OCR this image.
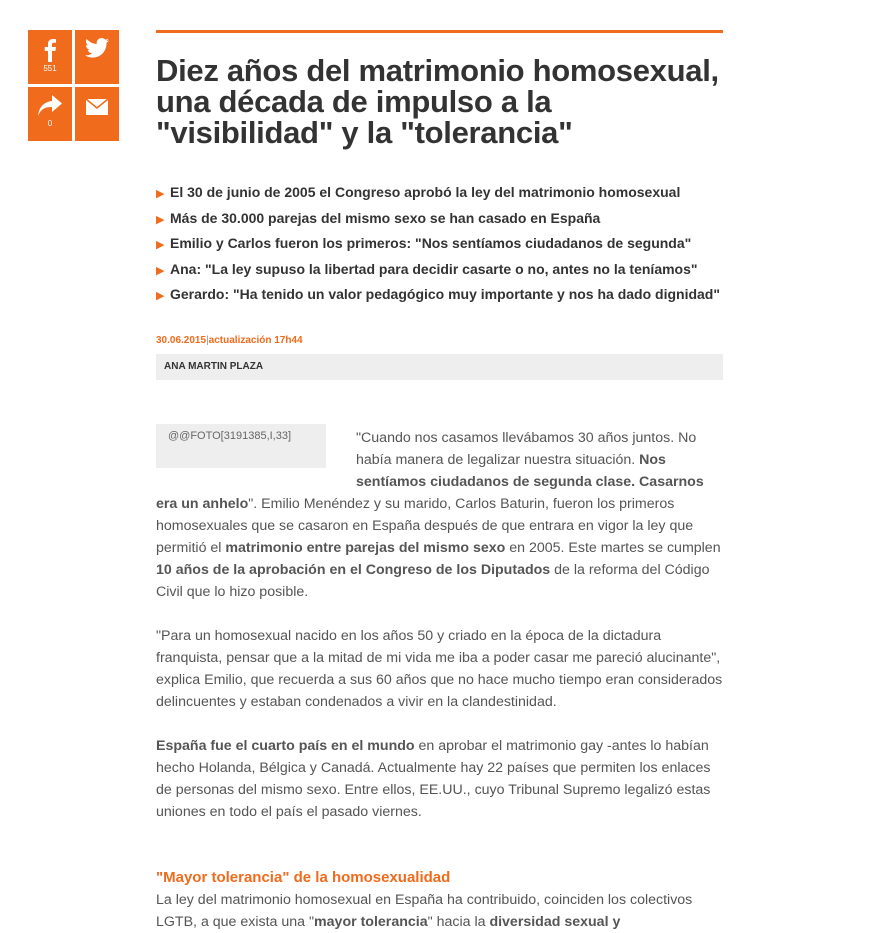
551
0
Diez años del matrimonio homosexual, una década de impulso a la "visibilidad" y la "tolerancia"
▶ El 30 de junio de 2005 el Congreso aprobó la ley del matrimonio homosexual
▶ Más de 30.000 parejas del mismo sexo se han casado en España
▶ Emilio y Carlos fueron los primeros: "Nos sentíamos ciudadanos de segunda"
▶ Ana: "La ley supuso la libertad para decidir casarte o no, antes no la teníamos"
▶ Gerardo: "Ha tenido un valor pedagógico muy importante y nos ha dado dignidad"
30.06.2015|actualización 17h44
ANA MARTIN PLAZA
@@FOTO[3191385,I,33]	"Cuando nos casamos llevábamos 30 años juntos. No había manera de legalizar nuestra situación. Nos sentíamos ciudadanos de segunda clase. Casarnos era un anhelo". Emilio Menéndez y su marido, Carlos Baturin, fueron los primeros homosexuales que se casaron en España después de que entrara en vigor la ley que permitió el matrimonio entre parejas del mismo sexo en 2005. Este martes se cumplen 10 años de la aprobación en el Congreso de los Diputados de la reforma del Código Civil que lo hizo posible.

"Para un homosexual nacido en los años 50 y criado en la época de la dictadura franquista, pensar que a la mitad de mi vida me iba a poder casar me pareció alucinante", explica Emilio, que recuerda a sus 60 años que no hace mucho tiempo eran considerados delincuentes y estaban condenados a vivir en la clandestinidad.

España fue el cuarto país en el mundo en aprobar el matrimonio gay -antes lo habían hecho Holanda, Bélgica y Canadá. Actualmente hay 22 países que permiten los enlaces de personas del mismo sexo. Entre ellos, EE.UU., cuyo Tribunal Supremo legalizó estas uniones en todo el país el pasado viernes.

"Mayor tolerancia" de la homosexualidad

La ley del matrimonio homosexual en España ha contribuido, coinciden los colectivos LGTB, a que exista una "mayor tolerancia" hacia la diversidad sexual y
